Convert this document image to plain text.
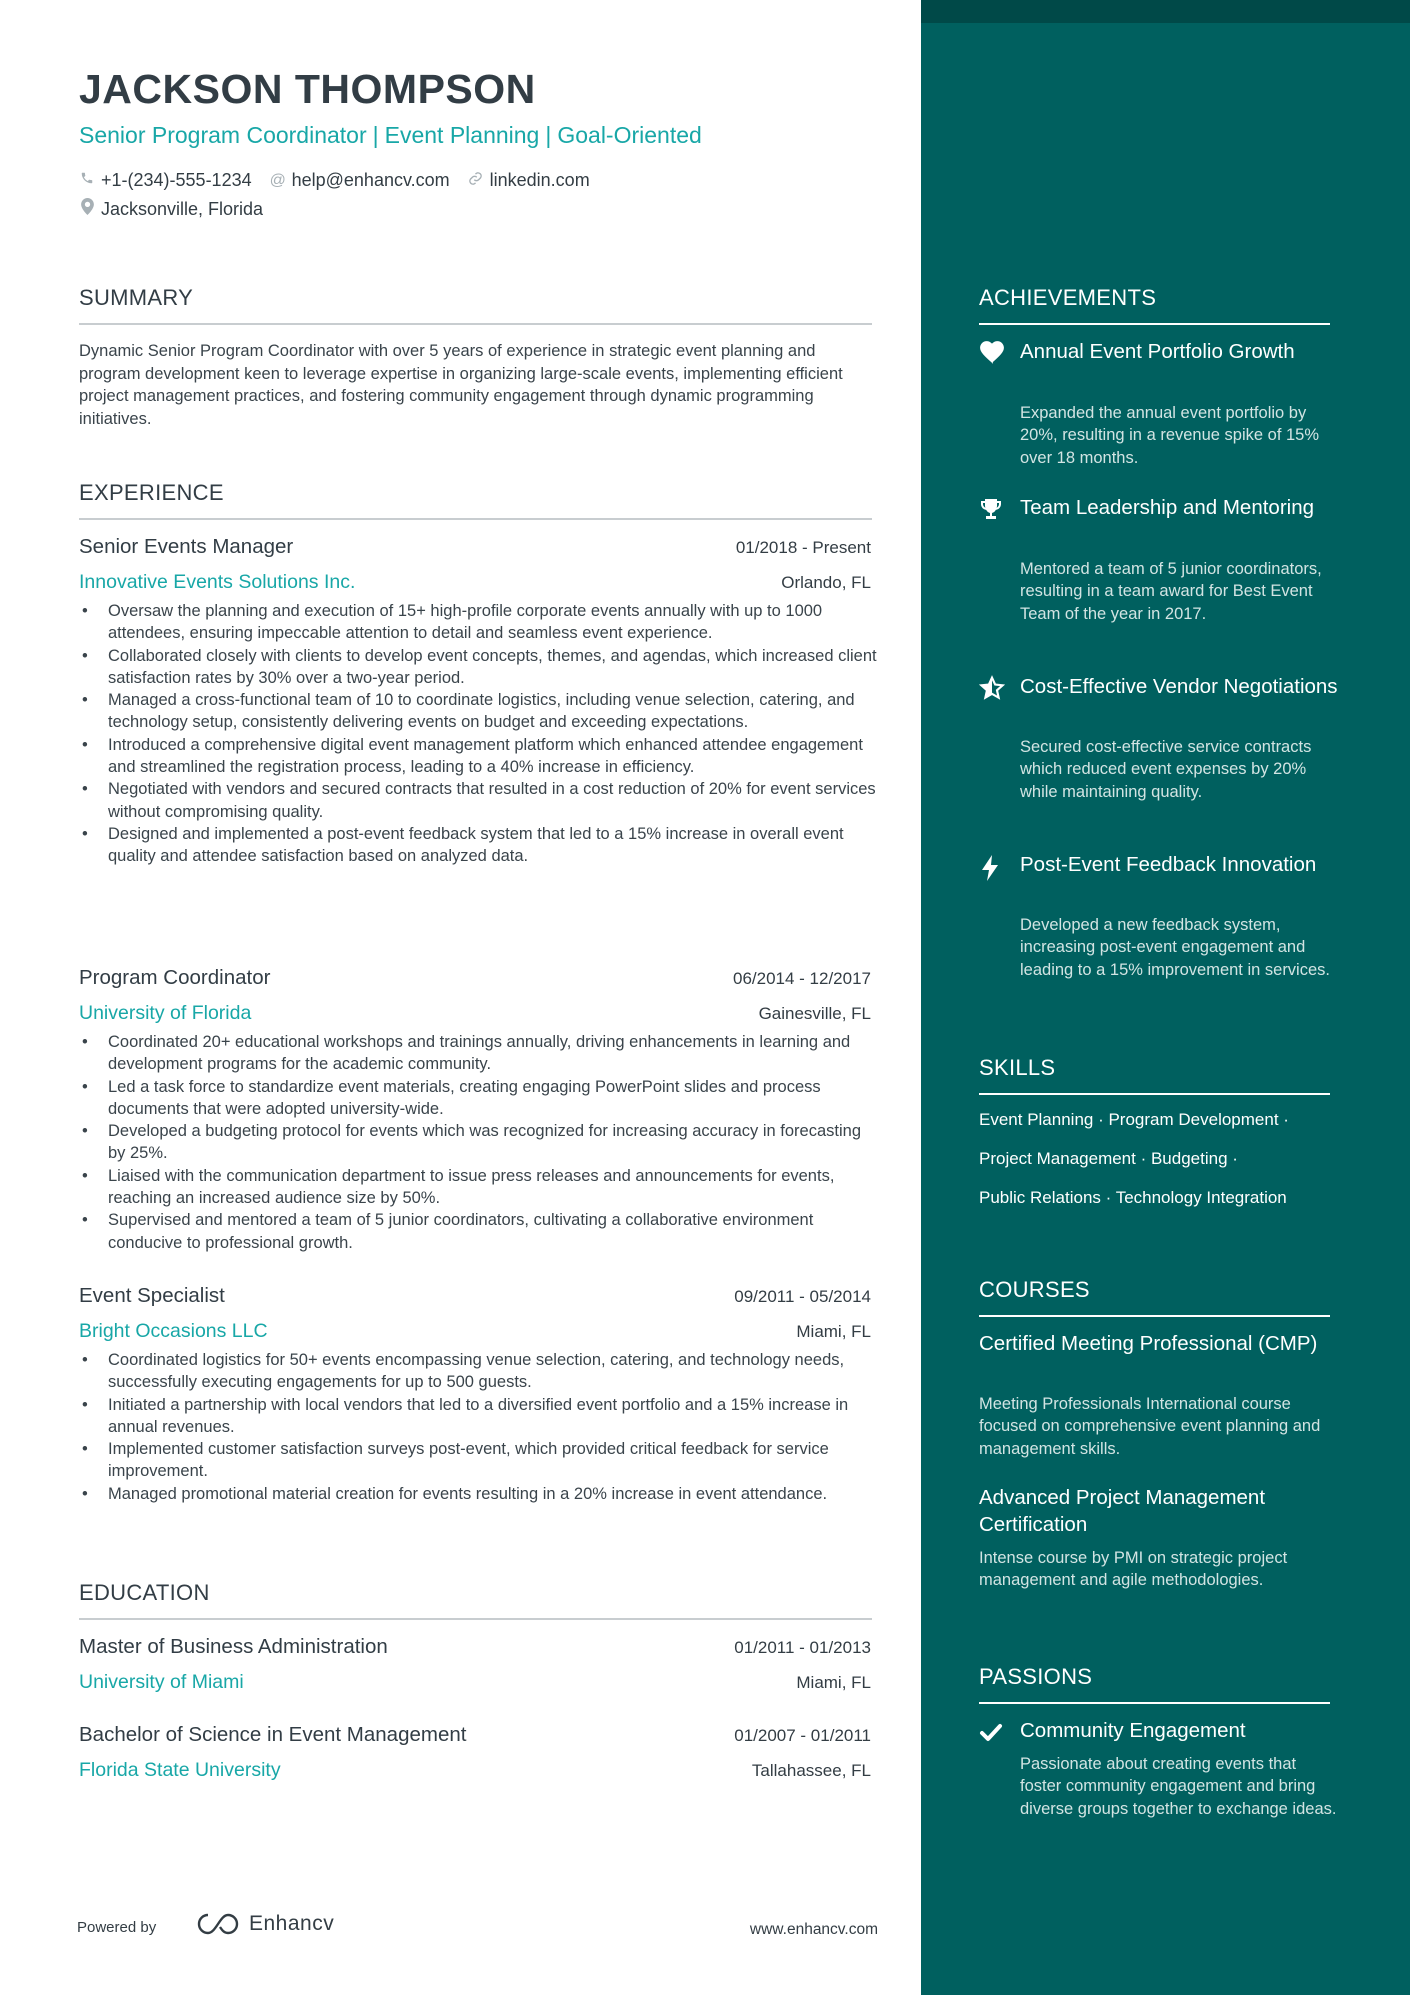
JACKSON THOMPSON
Senior Program Coordinator | Event Planning | Goal-Oriented
+1-(234)-555-1234 @ help@enhancv.com linkedin.com
Jacksonville, Florida
SUMMARY
Dynamic Senior Program Coordinator with over 5 years of experience in strategic event planning and program development keen to leverage expertise in organizing large-scale events, implementing efficient project management practices, and fostering community engagement through dynamic programming initiatives.
EXPERIENCE
Senior Events Manager	01/2018 - Present
Innovative Events Solutions Inc.	Orlando, FL
• Oversaw the planning and execution of 15+ high-profile corporate events annually with up to 1000 attendees, ensuring impeccable attention to detail and seamless event experience.
• Collaborated closely with clients to develop event concepts, themes, and agendas, which increased client satisfaction rates by 30% over a two-year period.
• Managed a cross-functional team of 10 to coordinate logistics, including venue selection, catering, and technology setup, consistently delivering events on budget and exceeding expectations.
• Introduced a comprehensive digital event management platform which enhanced attendee engagement and streamlined the registration process, leading to a 40% increase in efficiency.
• Negotiated with vendors and secured contracts that resulted in a cost reduction of 20% for event services without compromising quality.
• Designed and implemented a post-event feedback system that led to a 15% increase in overall event quality and attendee satisfaction based on analyzed data.
Program Coordinator	06/2014 - 12/2017
University of Florida	Gainesville, FL
• Coordinated 20+ educational workshops and trainings annually, driving enhancements in learning and development programs for the academic community.
• Led a task force to standardize event materials, creating engaging PowerPoint slides and process documents that were adopted university-wide.
• Developed a budgeting protocol for events which was recognized for increasing accuracy in forecasting by 25%.
• Liaised with the communication department to issue press releases and announcements for events, reaching an increased audience size by 50%.
• Supervised and mentored a team of 5 junior coordinators, cultivating a collaborative environment conducive to professional growth.
Event Specialist	09/2011 - 05/2014
Bright Occasions LLC	Miami, FL
• Coordinated logistics for 50+ events encompassing venue selection, catering, and technology needs, successfully executing engagements for up to 500 guests.
• Initiated a partnership with local vendors that led to a diversified event portfolio and a 15% increase in annual revenues.
• Implemented customer satisfaction surveys post-event, which provided critical feedback for service improvement.
• Managed promotional material creation for events resulting in a 20% increase in event attendance.
EDUCATION
Master of Business Administration	01/2011 - 01/2013
University of Miami	Miami, FL
Bachelor of Science in Event Management	01/2007 - 01/2011
Florida State University	Tallahassee, FL
Powered by	Enhancv	www.enhancv.com
ACHIEVEMENTS
Annual Event Portfolio Growth
Expanded the annual event portfolio by 20%, resulting in a revenue spike of 15% over 18 months.
Team Leadership and Mentoring
Mentored a team of 5 junior coordinators, resulting in a team award for Best Event Team of the year in 2017.
Cost-Effective Vendor Negotiations
Secured cost-effective service contracts which reduced event expenses by 20% while maintaining quality.
Post-Event Feedback Innovation
Developed a new feedback system, increasing post-event engagement and leading to a 15% improvement in services.
SKILLS
Event Planning · Program Development ·
Project Management · Budgeting ·
Public Relations · Technology Integration
COURSES
Certified Meeting Professional (CMP)
Meeting Professionals International course focused on comprehensive event planning and management skills.
Advanced Project Management Certification
Intense course by PMI on strategic project management and agile methodologies.
PASSIONS
Community Engagement
Passionate about creating events that foster community engagement and bring diverse groups together to exchange ideas.
